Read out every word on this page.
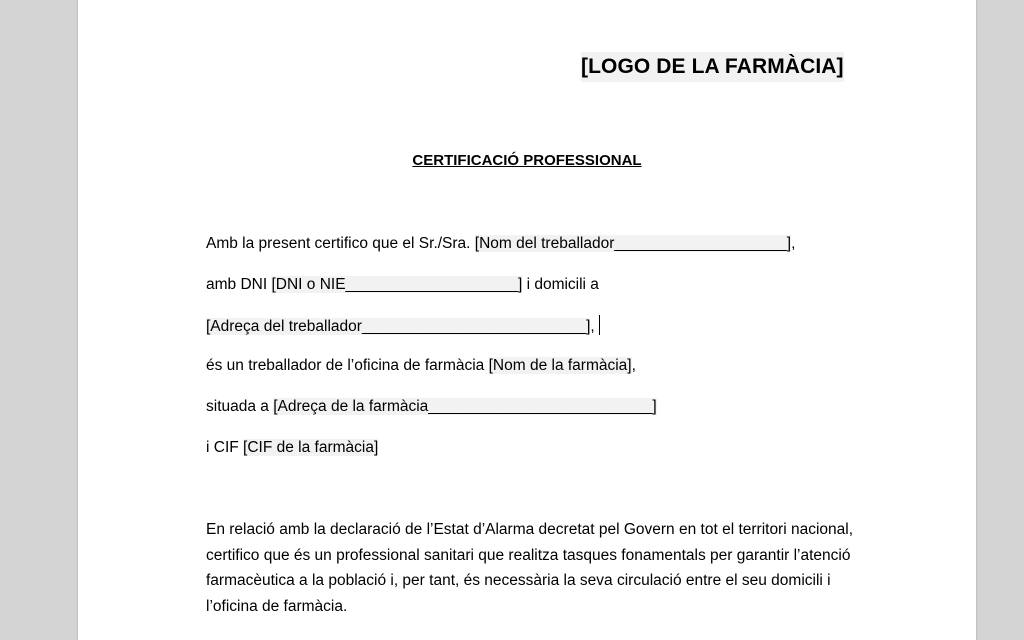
[LOGO DE LA FARMÀCIA]
CERTIFICACIÓ PROFESSIONAL
Amb la present certifico que el Sr./Sra. [Nom del treballador____________________],
amb DNI [DNI o NIE____________________] i domicili a
[Adreça del treballador__________________________],
és un treballador de l’oficina de farmàcia [Nom de la farmàcia],
situada a [Adreça de la farmàcia__________________________]
i CIF [CIF de la farmàcia]
En relació amb la declaració de l’Estat d’Alarma decretat pel Govern en tot el territori nacional, certifico que és un professional sanitari que realitza tasques fonamentals per garantir l’atenció farmacèutica a la població i, per tant, és necessària la seva circulació entre el seu domicili i l’oficina de farmàcia.
